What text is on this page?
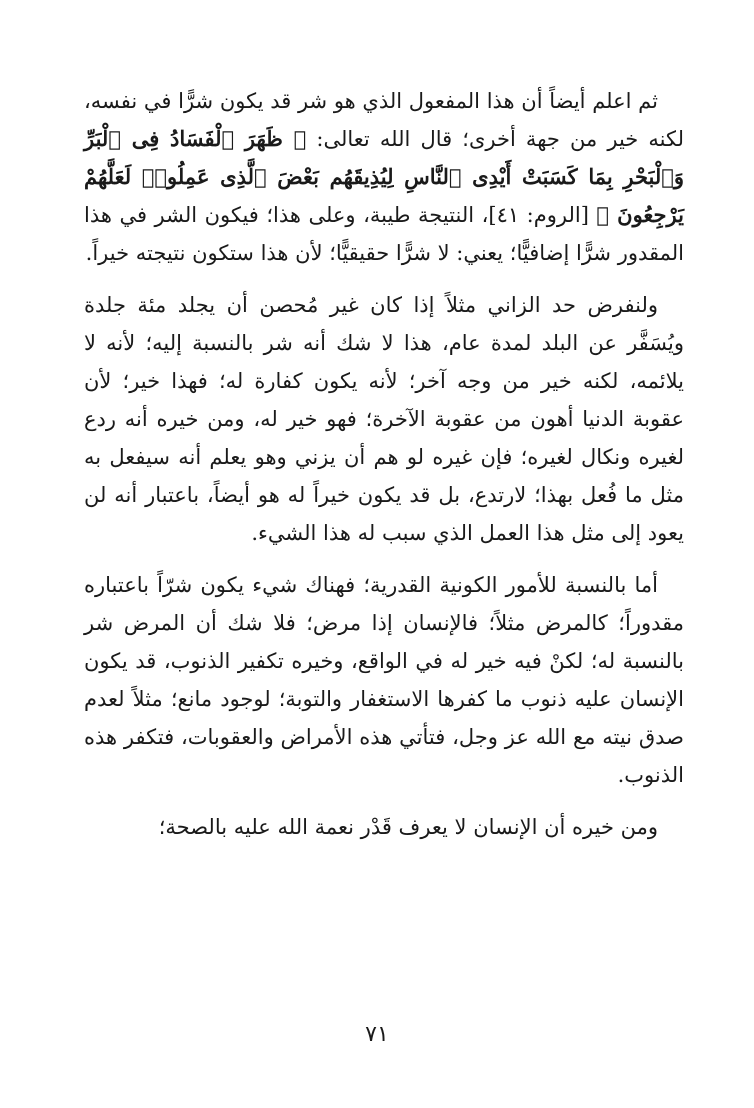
ثم اعلم أيضاً أن هذا المفعول الذي هو شر قد يكون شرًّا في نفسه، لكنه خير من جهة أخرى؛ قال الله تعالى: ﴿ ظَهَرَ ٱلْفَسَادُ فِى ٱلْبَرِّ وَٱلْبَحْرِ بِمَا كَسَبَتْ أَيْدِى ٱلنَّاسِ لِيُذِيقَهُم بَعْضَ ٱلَّذِى عَمِلُوا۟ لَعَلَّهُمْ يَرْجِعُونَ ﴾ [الروم: ٤١]، النتيجة طيبة، وعلى هذا؛ فيكون الشر في هذا المقدور شرًّا إضافيًّا؛ يعني: لا شرًّا حقيقيًّا؛ لأن هذا ستكون نتيجته خيراً.

ولنفرض حد الزاني مثلاً إذا كان غير مُحصن أن يجلد مئة جلدة ويُسَفَّر عن البلد لمدة عام، هذا لا شك أنه شر بالنسبة إليه؛ لأنه لا يلائمه، لكنه خير من وجه آخر؛ لأنه يكون كفارة له؛ فهذا خير؛ لأن عقوبة الدنيا أهون من عقوبة الآخرة؛ فهو خير له، ومن خيره أنه ردع لغيره ونكال لغيره؛ فإن غيره لو هم أن يزني وهو يعلم أنه سيفعل به مثل ما فُعل بهذا؛ لارتدع، بل قد يكون خيراً له هو أيضاً، باعتبار أنه لن يعود إلى مثل هذا العمل الذي سبب له هذا الشيء.

أما بالنسبة للأمور الكونية القدرية؛ فهناك شيء يكون شرّاً باعتباره مقدوراً؛ كالمرض مثلاً؛ فالإنسان إذا مرض؛ فلا شك أن المرض شر بالنسبة له؛ لكنْ فيه خير له في الواقع، وخيره تكفير الذنوب، قد يكون الإنسان عليه ذنوب ما كفرها الاستغفار والتوبة؛ لوجود مانع؛ مثلاً لعدم صدق نيته مع الله عز وجل، فتأتي هذه الأمراض والعقوبات، فتكفر هذه الذنوب.

ومن خيره أن الإنسان لا يعرف قَدْر نعمة الله عليه بالصحة؛

٧١
